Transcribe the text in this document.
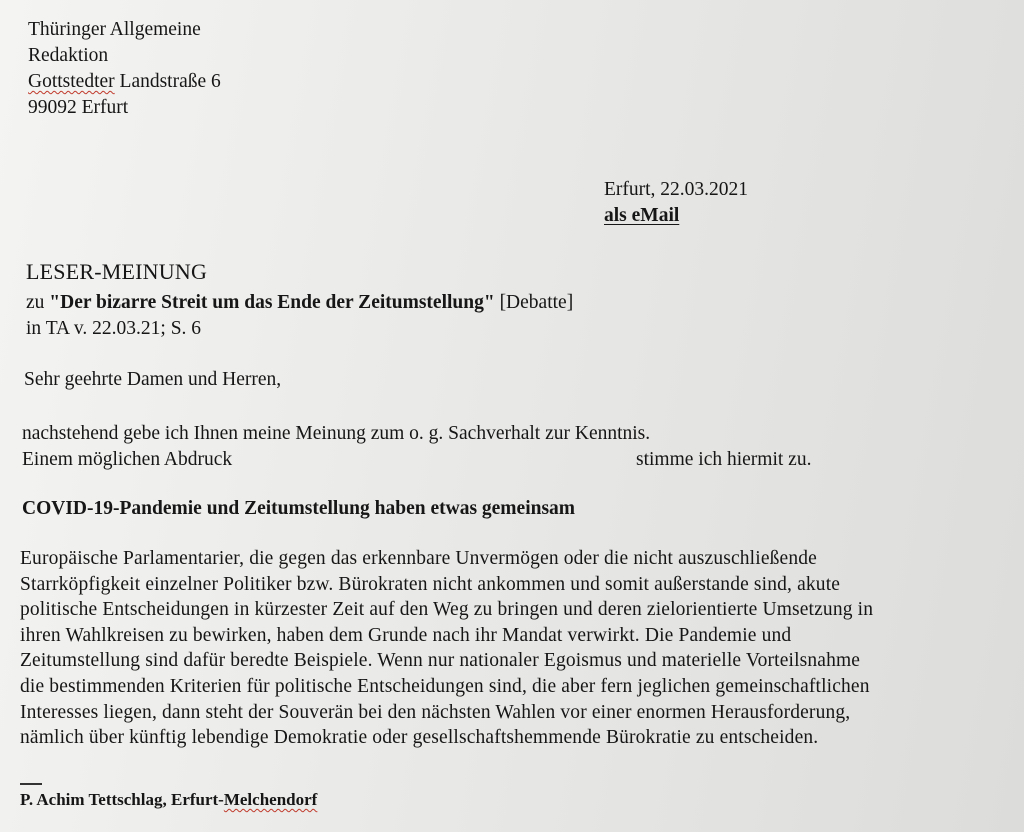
Thüringer Allgemeine
Redaktion
Gottstedter Landstraße 6
99092 Erfurt
Erfurt, 22.03.2021
als eMail
LESER-MEINUNG
zu "Der bizarre Streit um das Ende der Zeitumstellung" [Debatte]
in TA v. 22.03.21; S. 6
Sehr geehrte Damen und Herren,
nachstehend gebe ich Ihnen meine Meinung zum o. g. Sachverhalt zur Kenntnis.
Einem möglichen Abdruck	stimme ich hiermit zu.
COVID-19-Pandemie und Zeitumstellung haben etwas gemeinsam
Europäische Parlamentarier, die gegen das erkennbare Unvermögen oder die nicht auszuschließende
Starrköpfigkeit einzelner Politiker bzw. Bürokraten nicht ankommen und somit außerstande sind, akute
politische Entscheidungen in kürzester Zeit auf den Weg zu bringen und deren zielorientierte Umsetzung in
ihren Wahlkreisen zu bewirken, haben dem Grunde nach ihr Mandat verwirkt. Die Pandemie und
Zeitumstellung sind dafür beredte Beispiele. Wenn nur nationaler Egoismus und materielle Vorteilsnahme
die bestimmenden Kriterien für politische Entscheidungen sind, die aber fern jeglichen gemeinschaftlichen
Interesses liegen, dann steht der Souverän bei den nächsten Wahlen vor einer enormen Herausforderung,
nämlich über künftig lebendige Demokratie oder gesellschaftshemmende Bürokratie zu entscheiden.
P. Achim Tettschlag, Erfurt-Melchendorf
